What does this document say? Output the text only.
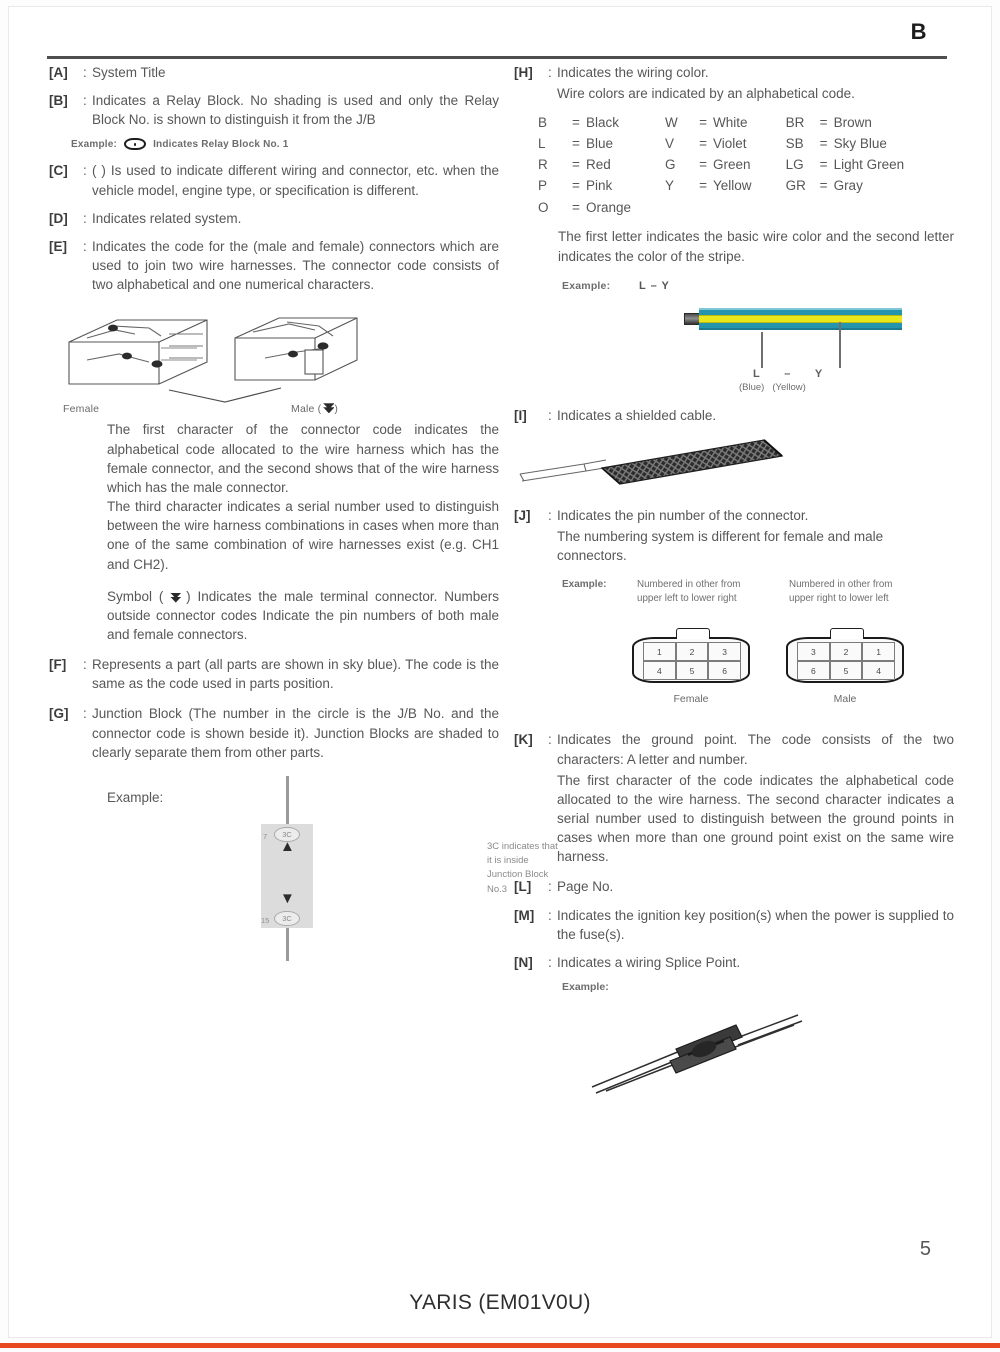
B
[A]	: System Title
[B]	: Indicates a Relay Block. No shading is used and only the Relay Block No. is shown to distinguish it from the J/B
Example:	Indicates Relay Block No. 1
[C]	: ( ) Is used to indicate different wiring and connector, etc. when the vehicle model, engine type, or specification is different.
[D]	: Indicates related system.
[E]	: Indicates the code for the (male and female) connectors which are used to join two wire harnesses. The connector code consists of two alphabetical and one numerical characters.
Female	Male ( )

The first character of the connector code indicates the alphabetical code allocated to the wire harness which has the female connector, and the second shows that of the wire harness which has the male connector.

The third character indicates a serial number used to distinguish between the wire harness combinations in cases when more than one of the same combination of wire harnesses exist (e.g. CH1 and CH2).

Symbol ( ) Indicates the male terminal connector. Numbers outside connector codes Indicate the pin numbers of both male and female connectors.

[F]	: Represents a part (all parts are shown in sky blue). The code is the same as the code used in parts position.
[G]	: Junction Block (The number in the circle is the J/B No. and the connector code is shown beside it). Junction Blocks are shaded to clearly separate them from other parts.
Example:
3C
3C
7
15
▲
▼
3C indicates that
it is inside
Junction Block
No.3
[H]	: Indicates the wiring color.

Wire colors are indicated by an alphabetical code.

B	=	Black	W	=	White	BR	=	Brown
L	=	Blue	V	=	Violet	SB	=	Sky Blue
R	=	Red	G	=	Green	LG	=	Light Green
P	=	Pink	Y	=	Yellow	GR	=	Gray
O	=	Orange						
The first letter indicates the basic wire color and the second letter indicates the color of the stripe.
Example:	L – Y
L – Y
(Blue) (Yellow)
[I]	: Indicates a shielded cable.
[J]	: Indicates the pin number of the connector.

The numbering system is different for female and male connectors.

Example:	Numbered in other from upper left to lower right
Numbered in other from upper right to lower left
1	2	3
4	5	6
Female
3	2	1
6	5	4
Male
[K]	: Indicates the ground point. The code consists of the two characters: A letter and number.

The first character of the code indicates the alphabetical code allocated to the wire harness. The second character indicates a serial number used to distinguish between the ground points in cases when more than one ground point exist on the same wire harness.

[L]	: Page No.
[M]	: Indicates the ignition key position(s) when the power is supplied to the fuse(s).
[N]	: Indicates a wiring Splice Point.
Example:
5
YARIS (EM01V0U)
